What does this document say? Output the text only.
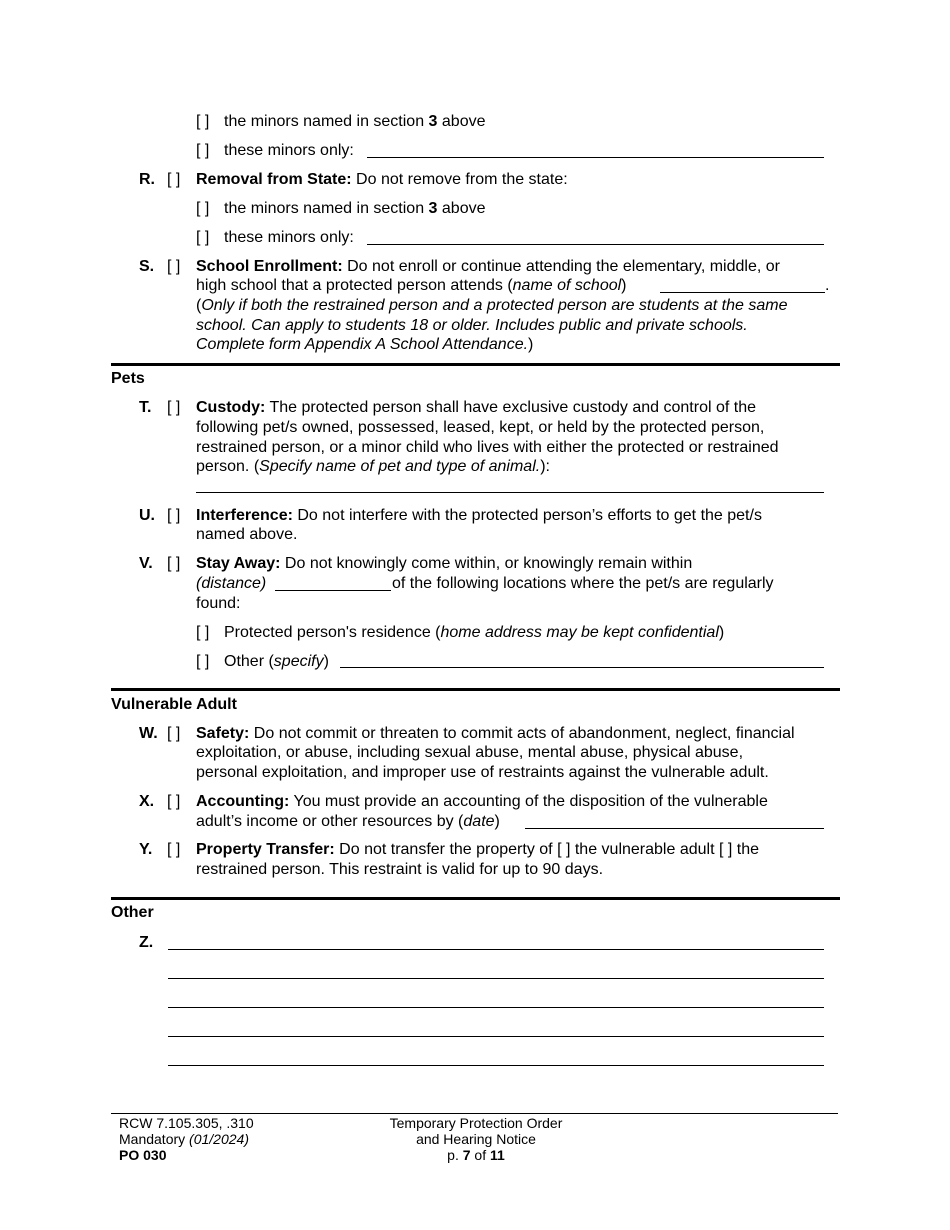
[ ] the minors named in section 3 above
[ ] these minors only:
R. [ ] Removal from State: Do not remove from the state:
[ ] the minors named in section 3 above
[ ] these minors only:
S. [ ] School Enrollment: Do not enroll or continue attending the elementary, middle, or
high school that a protected person attends (name of school)	.
(Only if both the restrained person and a protected person are students at the same
school. Can apply to students 18 or older. Includes public and private schools.
Complete form Appendix A School Attendance.)
Pets
T. [ ] Custody: The protected person shall have exclusive custody and control of the
following pet/s owned, possessed, leased, kept, or held by the protected person,
restrained person, or a minor child who lives with either the protected or restrained
person. (Specify name of pet and type of animal.):
U. [ ] Interference: Do not interfere with the protected person’s efforts to get the pet/s
named above.
V. [ ] Stay Away: Do not knowingly come within, or knowingly remain within
(distance)	of the following locations where the pet/s are regularly
found:
[ ] Protected person's residence (home address may be kept confidential)
[ ] Other (specify)
Vulnerable Adult
W. [ ] Safety: Do not commit or threaten to commit acts of abandonment, neglect, financial
exploitation, or abuse, including sexual abuse, mental abuse, physical abuse,
personal exploitation, and improper use of restraints against the vulnerable adult.
X. [ ] Accounting: You must provide an accounting of the disposition of the vulnerable
adult’s income or other resources by (date)
Y. [ ] Property Transfer: Do not transfer the property of [ ] the vulnerable adult [ ] the
restrained person. This restraint is valid for up to 90 days.
Other
Z.
RCW 7.105.305, .310
Mandatory (01/2024)
PO 030
Temporary Protection Order
and Hearing Notice
p. 7 of 11
